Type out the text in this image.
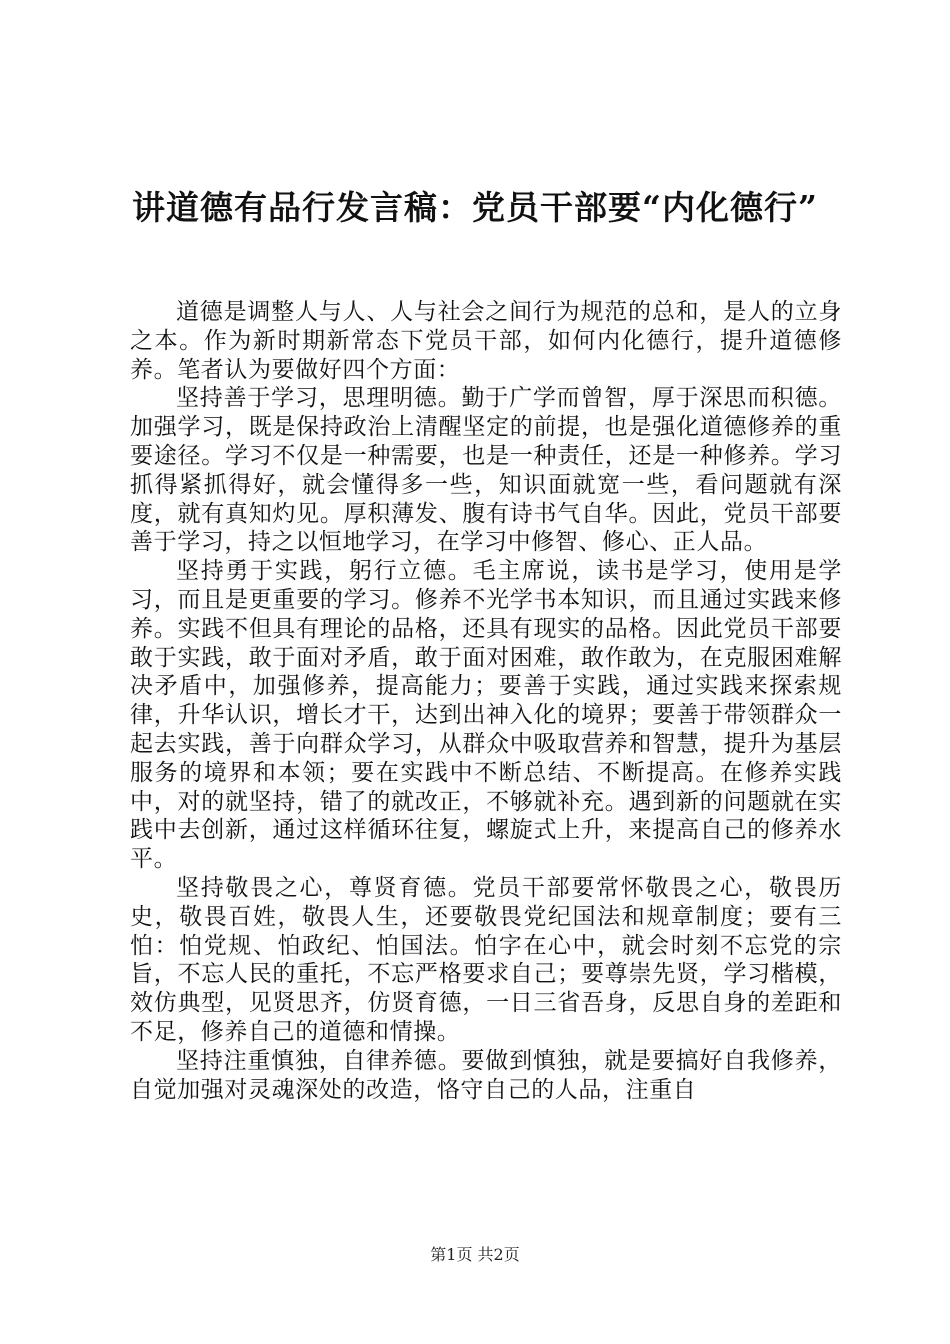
讲道德有品行发言稿：党员干部要“内化德行”

道德是调整人与人、人与社会之间行为规范的总和，是人的立身之本。作为新时期新常态下党员干部，如何内化德行，提升道德修养。笔者认为要做好四个方面：

坚持善于学习，思理明德。勤于广学而曾智，厚于深思而积德。加强学习，既是保持政治上清醒坚定的前提，也是强化道德修养的重要途径。学习不仅是一种需要，也是一种责任，还是一种修养。学习抓得紧抓得好，就会懂得多一些，知识面就宽一些，看问题就有深度，就有真知灼见。厚积薄发、腹有诗书气自华。因此，党员干部要善于学习，持之以恒地学习，在学习中修智、修心、正人品。

坚持勇于实践，躬行立德。毛主席说，读书是学习，使用是学习，而且是更重要的学习。修养不光学书本知识，而且通过实践来修养。实践不但具有理论的品格，还具有现实的品格。因此党员干部要敢于实践，敢于面对矛盾，敢于面对困难，敢作敢为，在克服困难解决矛盾中，加强修养，提高能力；要善于实践，通过实践来探索规律，升华认识，增长才干，达到出神入化的境界；要善于带领群众一起去实践，善于向群众学习，从群众中吸取营养和智慧，提升为基层服务的境界和本领；要在实践中不断总结、不断提高。在修养实践中，对的就坚持，错了的就改正，不够就补充。遇到新的问题就在实践中去创新，通过这样循环往复，螺旋式上升，来提高自己的修养水平。

坚持敬畏之心，尊贤育德。党员干部要常怀敬畏之心，敬畏历史，敬畏百姓，敬畏人生，还要敬畏党纪国法和规章制度；要有三怕：怕党规、怕政纪、怕国法。怕字在心中，就会时刻不忘党的宗旨，不忘人民的重托，不忘严格要求自己；要尊崇先贤，学习楷模，效仿典型，见贤思齐，仿贤育德，一日三省吾身，反思自身的差距和不足，修养自己的道德和情操。

坚持注重慎独，自律养德。要做到慎独，就是要搞好自我修养，自觉加强对灵魂深处的改造，恪守自己的人品，注重自

第1页 共2页
